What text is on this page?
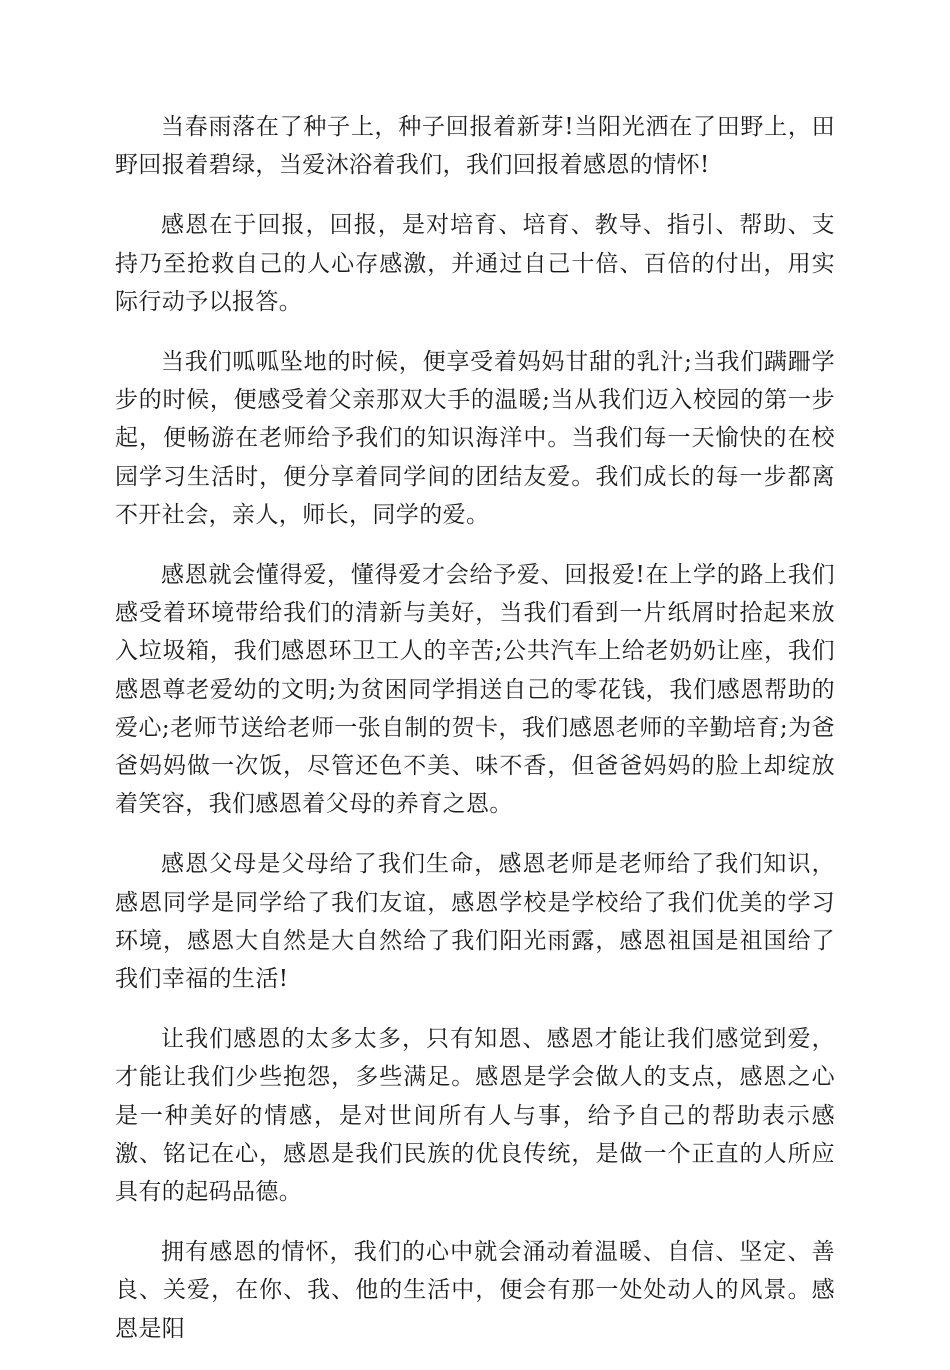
当春雨落在了种子上，种子回报着新芽!当阳光洒在了田野上，田野回报着碧绿，当爱沐浴着我们，我们回报着感恩的情怀!

感恩在于回报，回报，是对培育、培育、教导、指引、帮助、支持乃至抢救自己的人心存感激，并通过自己十倍、百倍的付出，用实际行动予以报答。

当我们呱呱坠地的时候，便享受着妈妈甘甜的乳汁;当我们蹒跚学步的时候，便感受着父亲那双大手的温暖;当从我们迈入校园的第一步起，便畅游在老师给予我们的知识海洋中。当我们每一天愉快的在校园学习生活时，便分享着同学间的团结友爱。我们成长的每一步都离不开社会，亲人，师长，同学的爱。

感恩就会懂得爱，懂得爱才会给予爱、回报爱!在上学的路上我们感受着环境带给我们的清新与美好，当我们看到一片纸屑时拾起来放入垃圾箱，我们感恩环卫工人的辛苦;公共汽车上给老奶奶让座，我们感恩尊老爱幼的文明;为贫困同学捐送自己的零花钱，我们感恩帮助的爱心;老师节送给老师一张自制的贺卡，我们感恩老师的辛勤培育;为爸爸妈妈做一次饭，尽管还色不美、味不香，但爸爸妈妈的脸上却绽放着笑容，我们感恩着父母的养育之恩。

感恩父母是父母给了我们生命，感恩老师是老师给了我们知识，感恩同学是同学给了我们友谊，感恩学校是学校给了我们优美的学习环境，感恩大自然是大自然给了我们阳光雨露，感恩祖国是祖国给了我们幸福的生活!

让我们感恩的太多太多，只有知恩、感恩才能让我们感觉到爱，才能让我们少些抱怨，多些满足。感恩是学会做人的支点，感恩之心是一种美好的情感，是对世间所有人与事，给予自己的帮助表示感激、铭记在心，感恩是我们民族的优良传统，是做一个正直的人所应具有的起码品德。

拥有感恩的情怀，我们的心中就会涌动着温暖、自信、坚定、善良、关爱，在你、我、他的生活中，便会有那一处处动人的风景。感恩是阳
